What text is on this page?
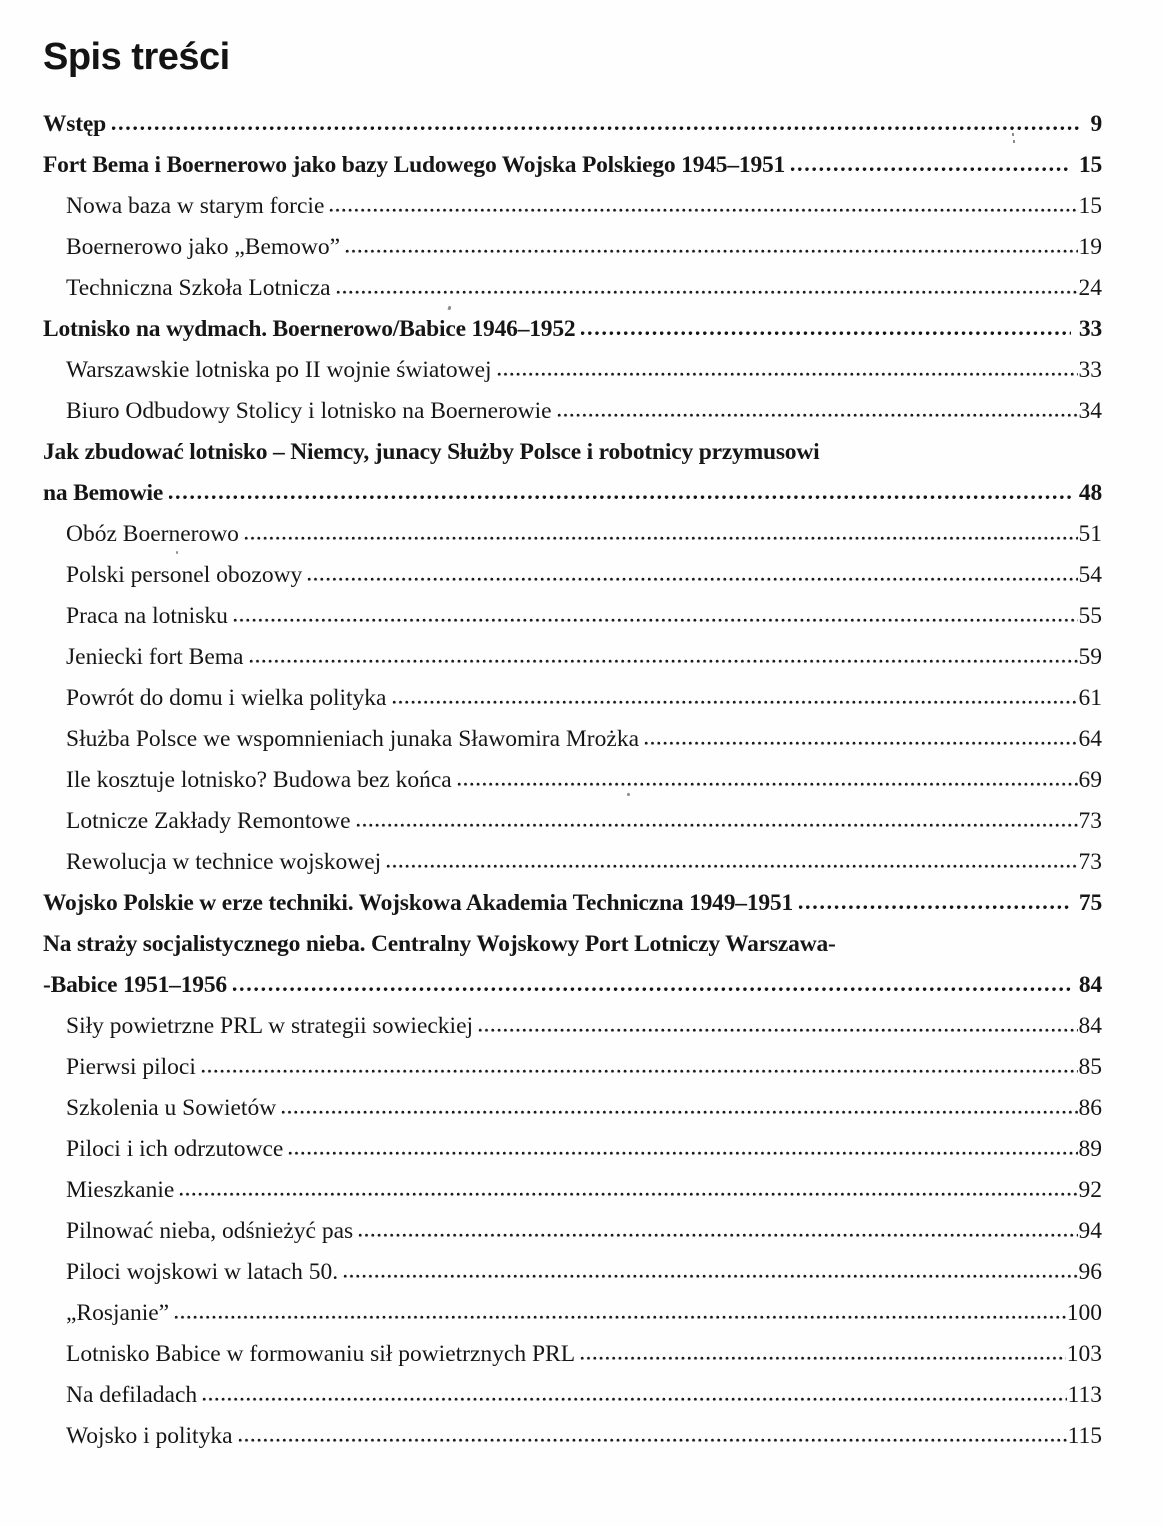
Spis treści
Wstęp	9
Fort Bema i Boernerowo jako bazy Ludowego Wojska Polskiego 1945–1951	15
Nowa baza w starym forcie	15
Boernerowo jako „Bemowo”	19
Techniczna Szkoła Lotnicza	24
Lotnisko na wydmach. Boernerowo/Babice 1946–1952	33
Warszawskie lotniska po II wojnie światowej	33
Biuro Odbudowy Stolicy i lotnisko na Boernerowie	34
Jak zbudować lotnisko – Niemcy, junacy Służby Polsce i robotnicy przymusowi
na Bemowie	48
Obóz Boernerowo	51
Polski personel obozowy	54
Praca na lotnisku	55
Jeniecki fort Bema	59
Powrót do domu i wielka polityka	61
Służba Polsce we wspomnieniach junaka Sławomira Mrożka	64
Ile kosztuje lotnisko? Budowa bez końca	69
Lotnicze Zakłady Remontowe	73
Rewolucja w technice wojskowej	73
Wojsko Polskie w erze techniki. Wojskowa Akademia Techniczna 1949–1951	75
Na straży socjalistycznego nieba. Centralny Wojskowy Port Lotniczy Warszawa-
-Babice 1951–1956	84
Siły powietrzne PRL w strategii sowieckiej	84
Pierwsi piloci	85
Szkolenia u Sowietów	86
Piloci i ich odrzutowce	89
Mieszkanie	92
Pilnować nieba, odśnieżyć pas	94
Piloci wojskowi w latach 50.	96
„Rosjanie”	100
Lotnisko Babice w formowaniu sił powietrznych PRL	103
Na defiladach	113
Wojsko i polityka	115
